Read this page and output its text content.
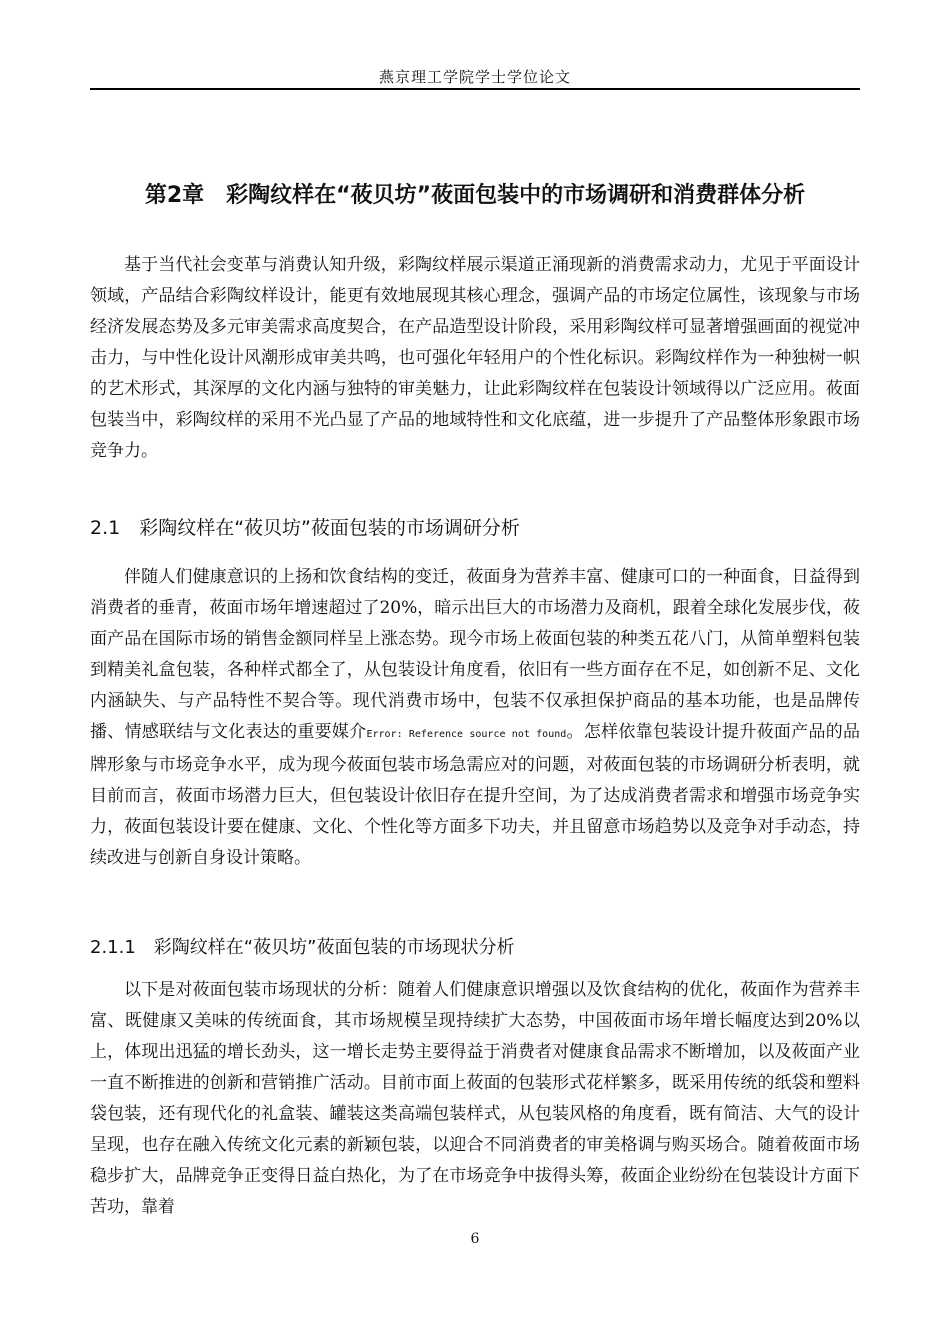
燕京理工学院学士学位论文
第2章　彩陶纹样在“莜贝坊”莜面包装中的市场调研和消费群体分析

基于当代社会变革与消费认知升级，彩陶纹样展示渠道正涌现新的消费需求动力，尤见于平面设计领域，产品结合彩陶纹样设计，能更有效地展现其核心理念，强调产品的市场定位属性，该现象与市场经济发展态势及多元审美需求高度契合，在产品造型设计阶段，采用彩陶纹样可显著增强画面的视觉冲击力，与中性化设计风潮形成审美共鸣，也可强化年轻用户的个性化标识。彩陶纹样作为一种独树一帜的艺术形式，其深厚的文化内涵与独特的审美魅力，让此彩陶纹样在包装设计领域得以广泛应用。莜面包装当中，彩陶纹样的采用不光凸显了产品的地域特性和文化底蕴，进一步提升了产品整体形象跟市场竞争力。

2.1　彩陶纹样在“莜贝坊”莜面包装的市场调研分析

伴随人们健康意识的上扬和饮食结构的变迁，莜面身为营养丰富、健康可口的一种面食，日益得到消费者的垂青，莜面市场年增速超过了20%，暗示出巨大的市场潜力及商机，跟着全球化发展步伐，莜面产品在国际市场的销售金额同样呈上涨态势。现今市场上莜面包装的种类五花八门，从简单塑料包装到精美礼盒包装，各种样式都全了，从包装设计角度看，依旧有一些方面存在不足，如创新不足、文化内涵缺失、与产品特性不契合等。现代消费市场中，包装不仅承担保护商品的基本功能，也是品牌传播、情感联结与文化表达的重要媒介Error: Reference source not found。怎样依靠包装设计提升莜面产品的品牌形象与市场竞争水平，成为现今莜面包装市场急需应对的问题，对莜面包装的市场调研分析表明，就目前而言，莜面市场潜力巨大，但包装设计依旧存在提升空间，为了达成消费者需求和增强市场竞争实力，莜面包装设计要在健康、文化、个性化等方面多下功夫，并且留意市场趋势以及竞争对手动态，持续改进与创新自身设计策略。

2.1.1　彩陶纹样在“莜贝坊”莜面包装的市场现状分析

以下是对莜面包装市场现状的分析：随着人们健康意识增强以及饮食结构的优化，莜面作为营养丰富、既健康又美味的传统面食，其市场规模呈现持续扩大态势，中国莜面市场年增长幅度达到20%以上，体现出迅猛的增长劲头，这一增长走势主要得益于消费者对健康食品需求不断增加，以及莜面产业一直不断推进的创新和营销推广活动。目前市面上莜面的包装形式花样繁多，既采用传统的纸袋和塑料袋包装，还有现代化的礼盒装、罐装这类高端包装样式，从包装风格的角度看，既有简洁、大气的设计呈现，也存在融入传统文化元素的新颖包装，以迎合不同消费者的审美格调与购买场合。随着莜面市场稳步扩大，品牌竞争正变得日益白热化，为了在市场竞争中拔得头筹，莜面企业纷纷在包装设计方面下苦功，靠着

6
